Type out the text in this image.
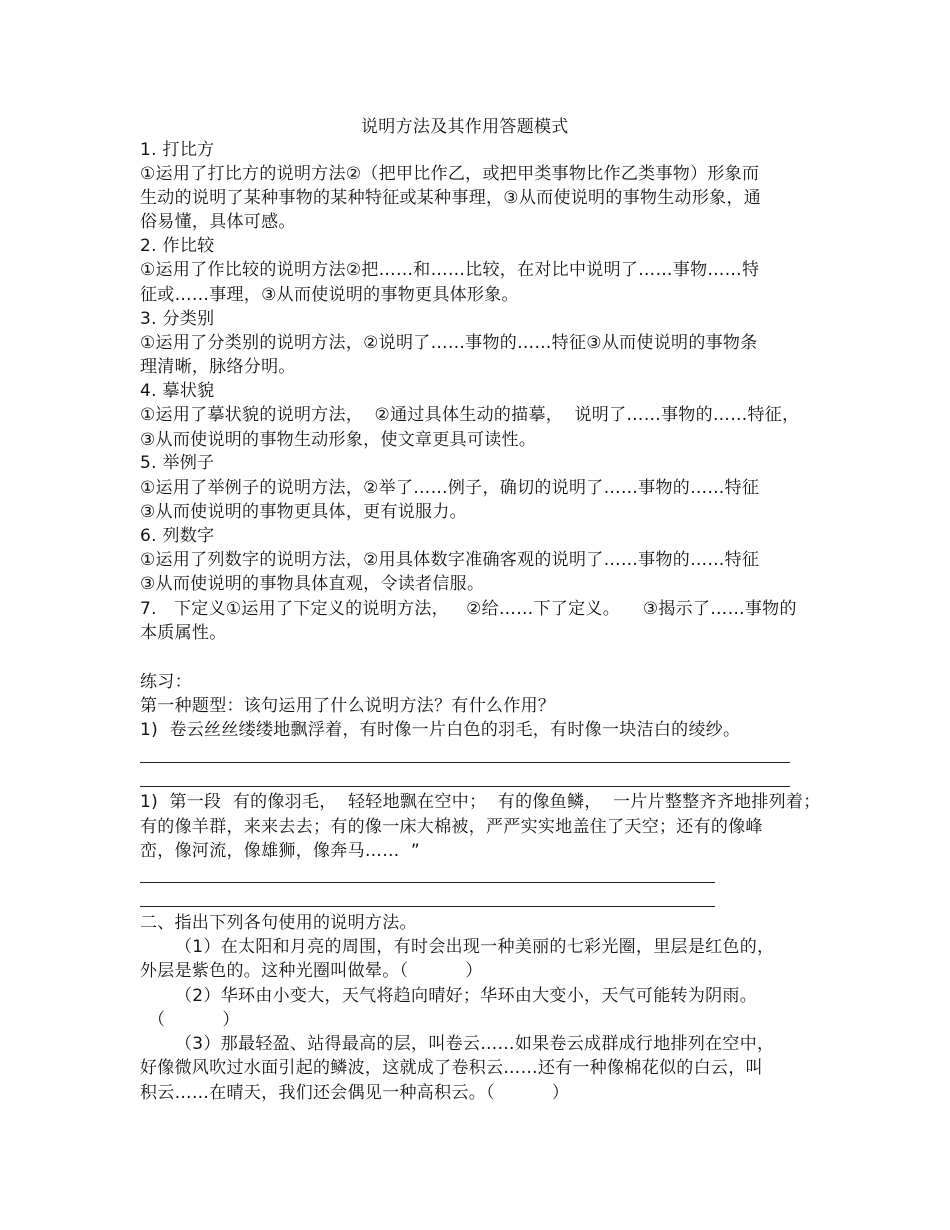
说明方法及其作用答题模式
1. 打比方
①运用了打比方的说明方法②（把甲比作乙，或把甲类事物比作乙类事物）形象而
生动的说明了某种事物的某种特征或某种事理，③从而使说明的事物生动形象，通
俗易懂，具体可感。
2. 作比较
①运用了作比较的说明方法②把……和……比较，在对比中说明了……事物……特
征或……事理，③从而使说明的事物更具体形象。
3. 分类别
①运用了分类别的说明方法，②说明了……事物的……特征③从而使说明的事物条
理清晰，脉络分明。
4. 摹状貌
①运用了摹状貌的说明方法，  ②通过具体生动的描摹，  说明了……事物的……特征，
③从而使说明的事物生动形象，使文章更具可读性。
5. 举例子
①运用了举例子的说明方法，②举了……例子，确切的说明了……事物的……特征
③从而使说明的事物更具体，更有说服力。
6. 列数字
①运用了列数字的说明方法，②用具体数字准确客观的说明了……事物的……特征
③从而使说明的事物具体直观，令读者信服。
7.   下定义①运用了下定义的说明方法，   ②给……下了定义。    ③揭示了……事物的
本质属性。
练习：
第一种题型：该句运用了什么说明方法？有什么作用？
1)  卷云丝丝缕缕地飘浮着，有时像一片白色的羽毛，有时像一块洁白的绫纱。
1)  第一段  有的像羽毛，  轻轻地飘在空中；  有的像鱼鳞，  一片片整整齐齐地排列着；
有的像羊群，来来去去；有的像一床大棉被，严严实实地盖住了天空；还有的像峰
峦，像河流，像雄狮，像奔马……  ”
二、指出下列各句使用的说明方法。
（1）在太阳和月亮的周围，有时会出现一种美丽的七彩光圈，里层是红色的，
外层是紫色的。这种光圈叫做晕。（          ）
（2）华环由小变大，天气将趋向晴好；华环由大变小，天气可能转为阴雨。
（          ）
（3）那最轻盈、站得最高的层，叫卷云……如果卷云成群成行地排列在空中，
好像微风吹过水面引起的鳞波，这就成了卷积云……还有一种像棉花似的白云，叫
积云……在晴天，我们还会偶见一种高积云。（          ）
